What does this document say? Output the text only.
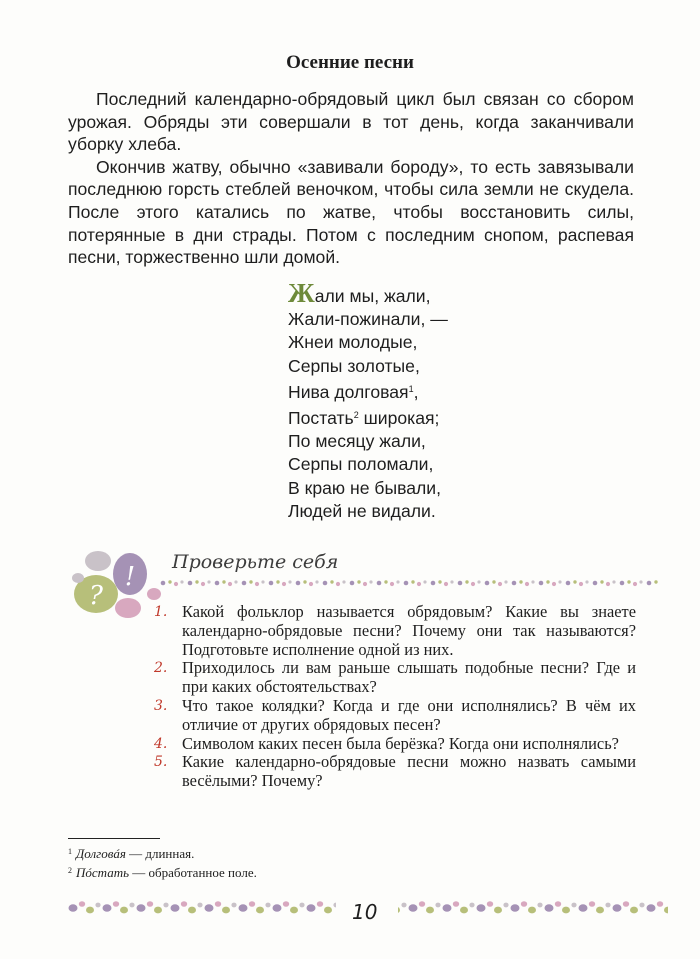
Осенние песни

Последний календарно-обрядовый цикл был связан со сбором урожая. Обряды эти совершали в тот день, когда заканчивали уборку хлеба.

Окончив жатву, обычно «завивали бороду», то есть завязывали последнюю горсть стеблей веночком, чтобы сила земли не скудела. После этого катались по жатве, чтобы восстановить силы, потерянные в дни страды. Потом с последним снопом, распевая песни, торжественно шли домой.

Жали мы, жали,
Жали-пожинали, —
Жнеи молодые,
Серпы золотые,
Нива долговая$^1$,
Постать$^2$ широкая;
По месяцу жали,
Серпы поломали,
В краю не бывали,
Людей не видали.
?
! Проверьте себя
1. Какой фольклор называется обрядовым? Какие вы знаете календарно-обрядовые песни? Почему они так называются? Подготовьте исполнение одной из них.
2. Приходилось ли вам раньше слышать подобные песни? Где и при каких обстоятельствах?
3. Что такое колядки? Когда и где они исполнялись? В чём их отличие от других обрядовых песен?
4. Символом каких песен была берёзка? Когда они исполнялись?
5. Какие календарно-обрядовые песни можно назвать самыми весёлыми? Почему?
$^1$ Долговáя — длинная.
$^2$ Пóстать — обработанное поле.
10
